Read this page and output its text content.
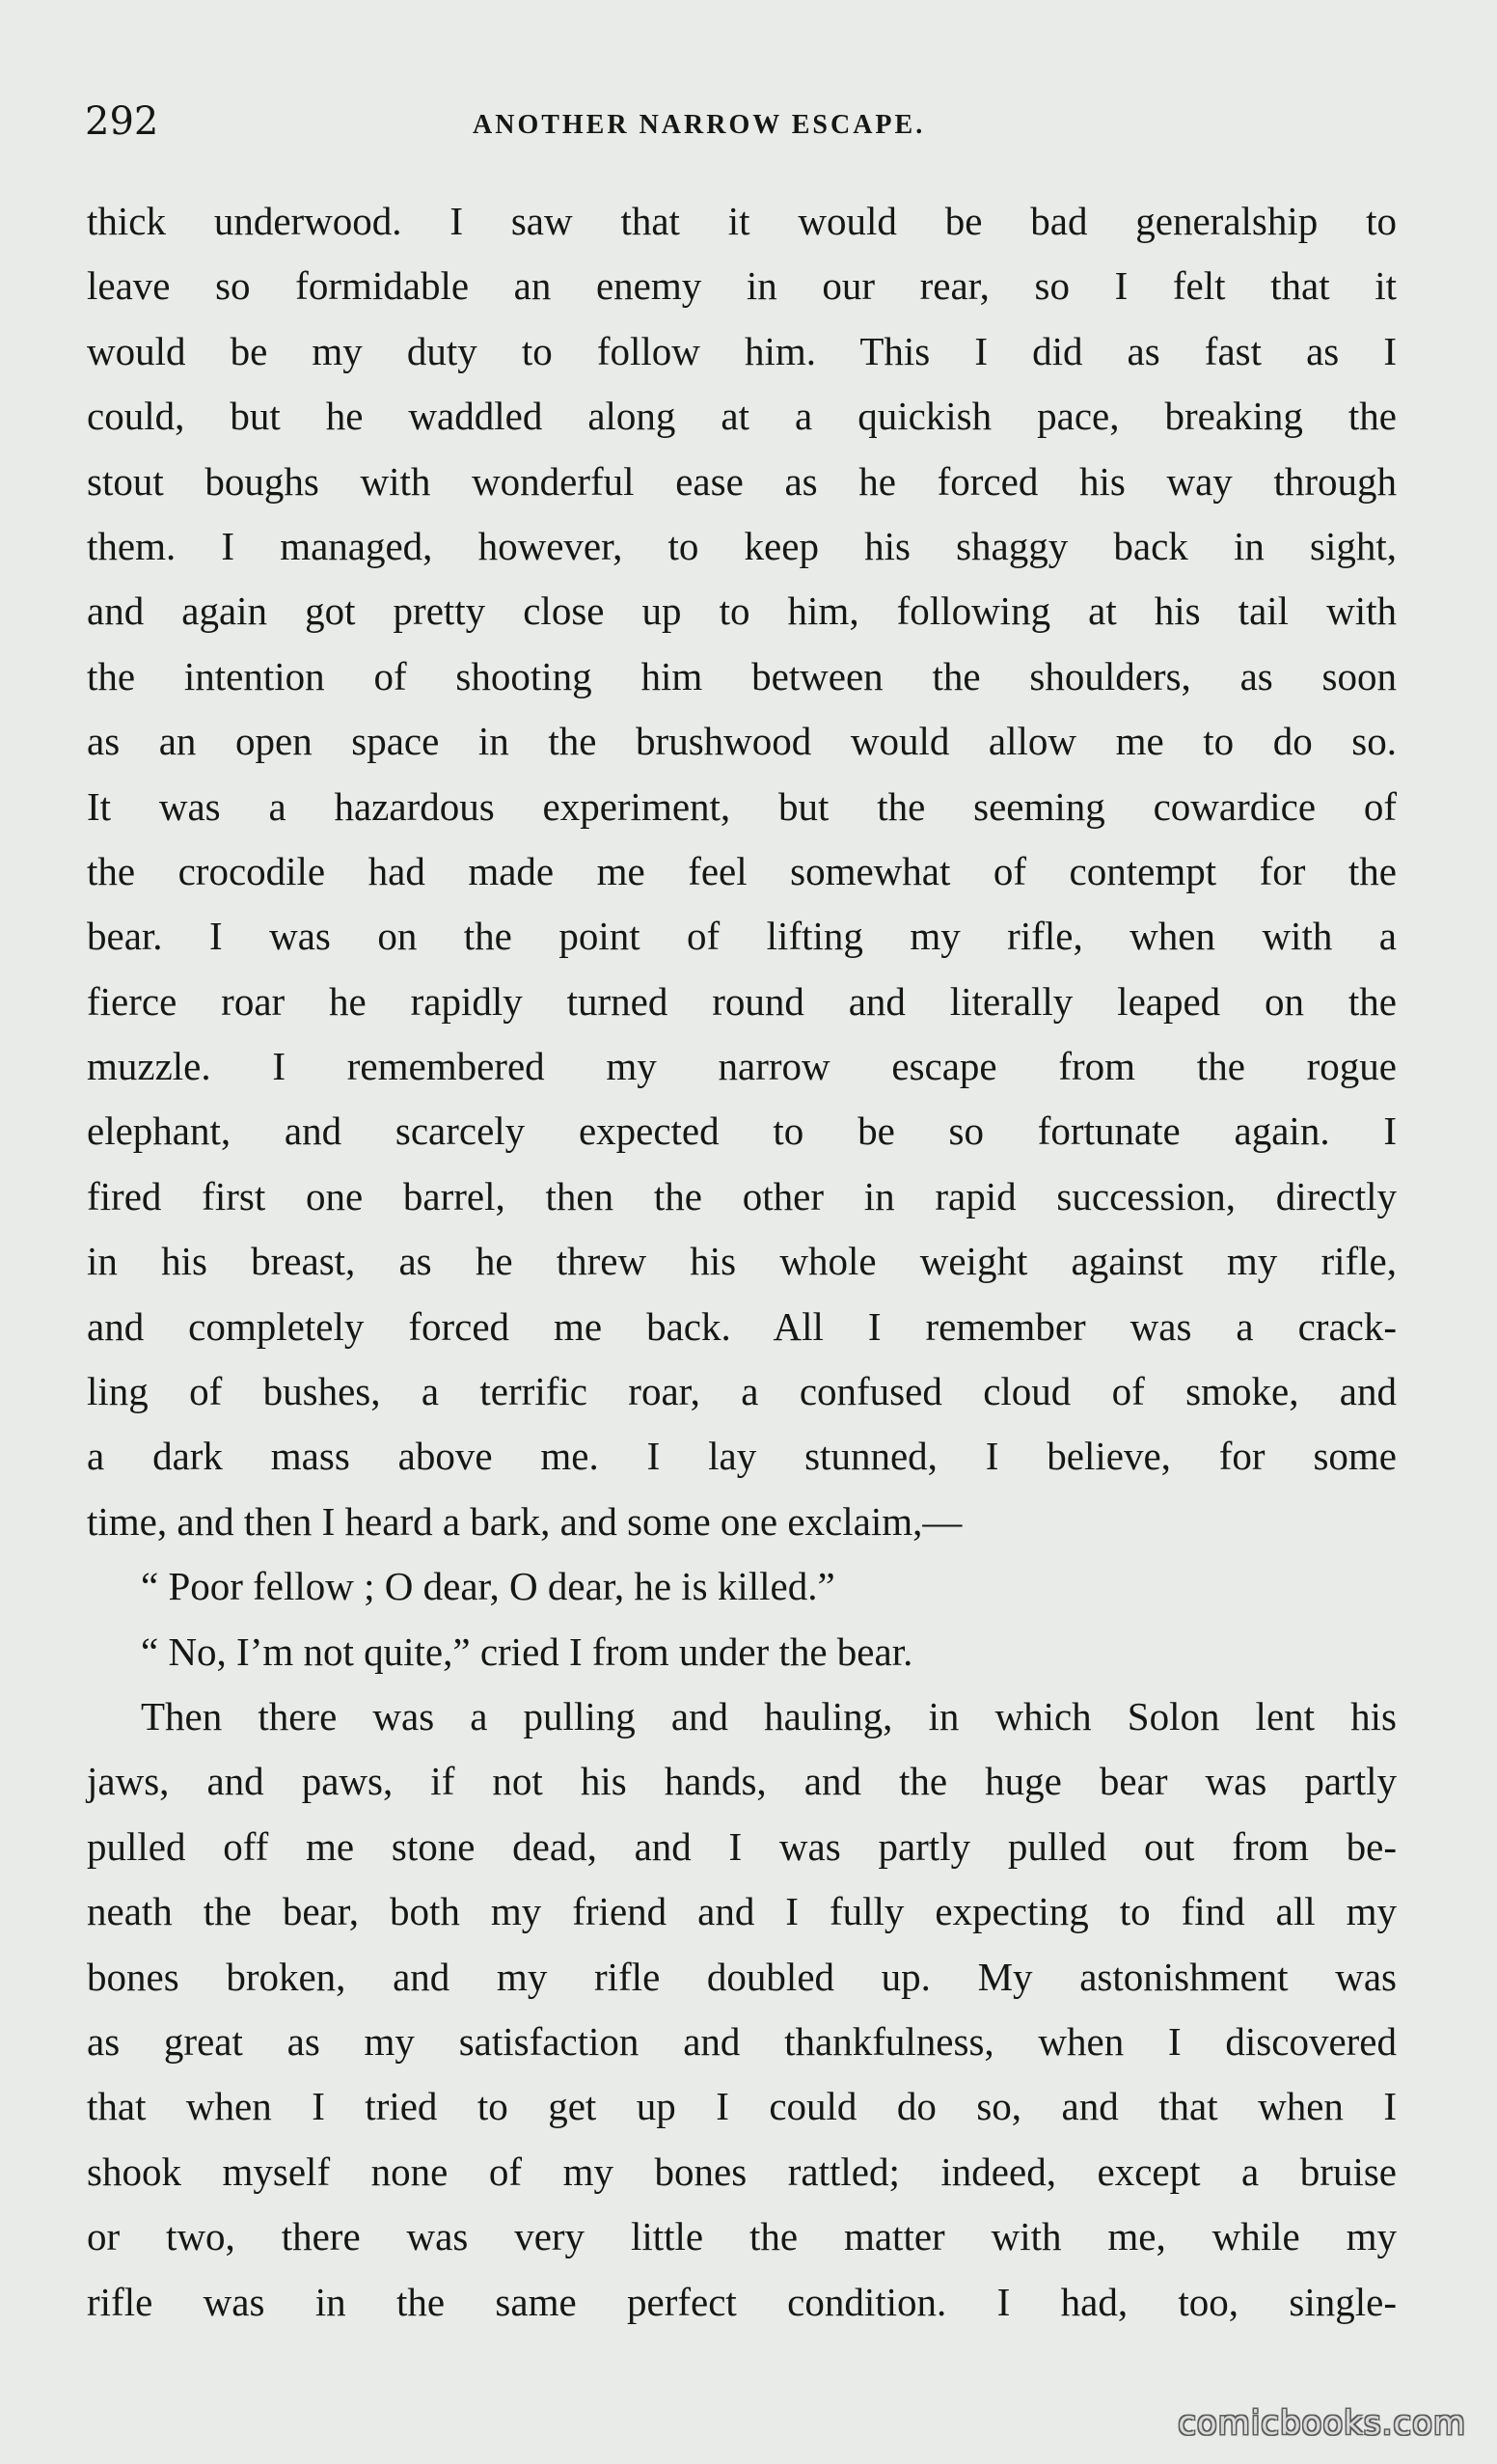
292	ANOTHER NARROW ESCAPE.
thick underwood. I saw that it would be bad generalship to
leave so formidable an enemy in our rear, so I felt that it
would be my duty to follow him. This I did as fast as I
could, but he waddled along at a quickish pace, breaking the
stout boughs with wonderful ease as he forced his way through
them. I managed, however, to keep his shaggy back in sight,
and again got pretty close up to him, following at his tail with
the intention of shooting him between the shoulders, as soon
as an open space in the brushwood would allow me to do so.
It was a hazardous experiment, but the seeming cowardice of
the crocodile had made me feel somewhat of contempt for the
bear. I was on the point of lifting my rifle, when with a
fierce roar he rapidly turned round and literally leaped on the
muzzle. I remembered my narrow escape from the rogue
elephant, and scarcely expected to be so fortunate again. I
fired first one barrel, then the other in rapid succession, directly
in his breast, as he threw his whole weight against my rifle,
and completely forced me back. All I remember was a crack-
ling of bushes, a terrific roar, a confused cloud of smoke, and
a dark mass above me. I lay stunned, I believe, for some
time, and then I heard a bark, and some one exclaim,—
“ Poor fellow ; O dear, O dear, he is killed.”
“ No, I’m not quite,” cried I from under the bear.
Then there was a pulling and hauling, in which Solon lent his
jaws, and paws, if not his hands, and the huge bear was partly
pulled off me stone dead, and I was partly pulled out from be-
neath the bear, both my friend and I fully expecting to find all my
bones broken, and my rifle doubled up. My astonishment was
as great as my satisfaction and thankfulness, when I discovered
that when I tried to get up I could do so, and that when I
shook myself none of my bones rattled; indeed, except a bruise
or two, there was very little the matter with me, while my
rifle was in the same perfect condition. I had, too, single-
comicbooks.com
